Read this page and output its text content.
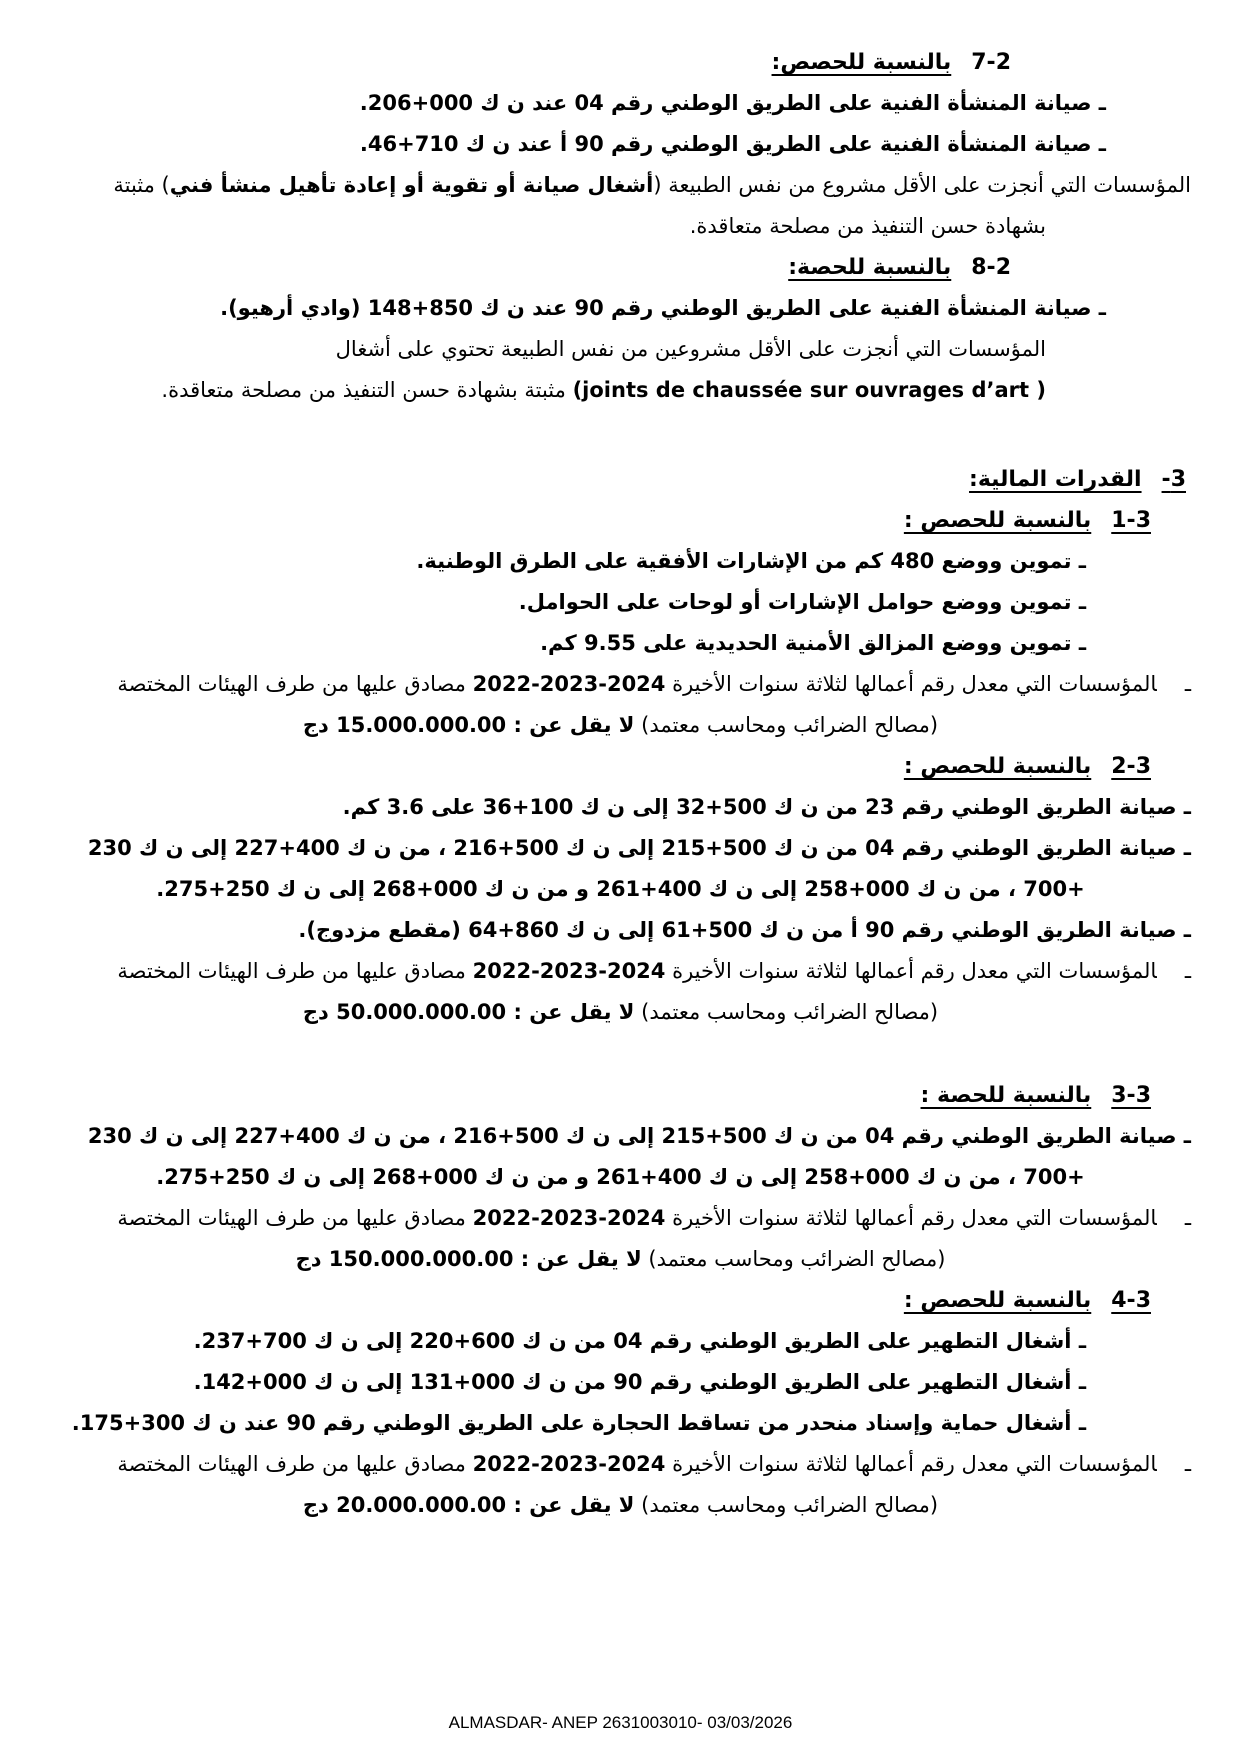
7-2بالنسبة للحصص:
ـ صيانة المنشأة الفنية على الطريق الوطني رقم 04 عند ن ك 000+206.
ـ صيانة المنشأة الفنية على الطريق الوطني رقم 90 أ عند ن ك 710+46.
المؤسسات التي أنجزت على الأقل مشروع من نفس الطبيعة (أشغال صيانة أو تقوية أو إعادة تأهيل منشأ فني) مثبتة
بشهادة حسن التنفيذ من مصلحة متعاقدة.
8-2بالنسبة للحصة:
ـ صيانة المنشأة الفنية على الطريق الوطني رقم 90 عند ن ك 850+148 (وادي أرهيو).
المؤسسات التي أنجزت على الأقل مشروعين من نفس الطبيعة تحتوي على أشغال
( joints de chaussée sur ouvrages d’art) مثبتة بشهادة حسن التنفيذ من مصلحة متعاقدة.
3-القدرات المالية:
1-3بالنسبة للحصص :
ـ تموين ووضع 480 كم من الإشارات الأفقية على الطرق الوطنية.
ـ تموين ووضع حوامل الإشارات أو لوحات على الحوامل.
ـ تموين ووضع المزالق الأمنية الحديدية على 9.55 كم.
ـالمؤسسات التي معدل رقم أعمالها لثلاثة سنوات الأخيرة 2024-2023-2022 مصادق عليها من طرف الهيئات المختصة
(مصالح الضرائب ومحاسب معتمد) لا يقل عن : 15.000.000.00 دج
2-3بالنسبة للحصص :
ـ صيانة الطريق الوطني رقم 23 من ن ك 500+32 إلى ن ك 100+36 على 3.6 كم.
ـ صيانة الطريق الوطني رقم 04 من ن ك 500+215 إلى ن ك 500+216 ، من ن ك 400+227 إلى ن ك 230
+700 ، من ن ك 000+258 إلى ن ك 400+261 و من ن ك 000+268 إلى ن ك 250+275.
ـ صيانة الطريق الوطني رقم 90 أ من ن ك 500+61 إلى ن ك 860+64 (مقطع مزدوج).
ـالمؤسسات التي معدل رقم أعمالها لثلاثة سنوات الأخيرة 2024-2023-2022 مصادق عليها من طرف الهيئات المختصة
(مصالح الضرائب ومحاسب معتمد) لا يقل عن : 50.000.000.00 دج
3-3بالنسبة للحصة :
ـ صيانة الطريق الوطني رقم 04 من ن ك 500+215 إلى ن ك 500+216 ، من ن ك 400+227 إلى ن ك 230
+700 ، من ن ك 000+258 إلى ن ك 400+261 و من ن ك 000+268 إلى ن ك 250+275.
ـالمؤسسات التي معدل رقم أعمالها لثلاثة سنوات الأخيرة 2024-2023-2022 مصادق عليها من طرف الهيئات المختصة
(مصالح الضرائب ومحاسب معتمد) لا يقل عن : 150.000.000.00 دج
4-3بالنسبة للحصص :
ـ أشغال التطهير على الطريق الوطني رقم 04 من ن ك 600+220 إلى ن ك 700+237.
ـ أشغال التطهير على الطريق الوطني رقم 90 من ن ك 000+131 إلى ن ك 000+142.
ـ أشغال حماية وإسناد منحدر من تساقط الحجارة على الطريق الوطني رقم 90 عند ن ك 300+175.
ـالمؤسسات التي معدل رقم أعمالها لثلاثة سنوات الأخيرة 2024-2023-2022 مصادق عليها من طرف الهيئات المختصة
(مصالح الضرائب ومحاسب معتمد) لا يقل عن : 20.000.000.00 دج
ALMASDAR- ANEP 2631003010- 03/03/2026
